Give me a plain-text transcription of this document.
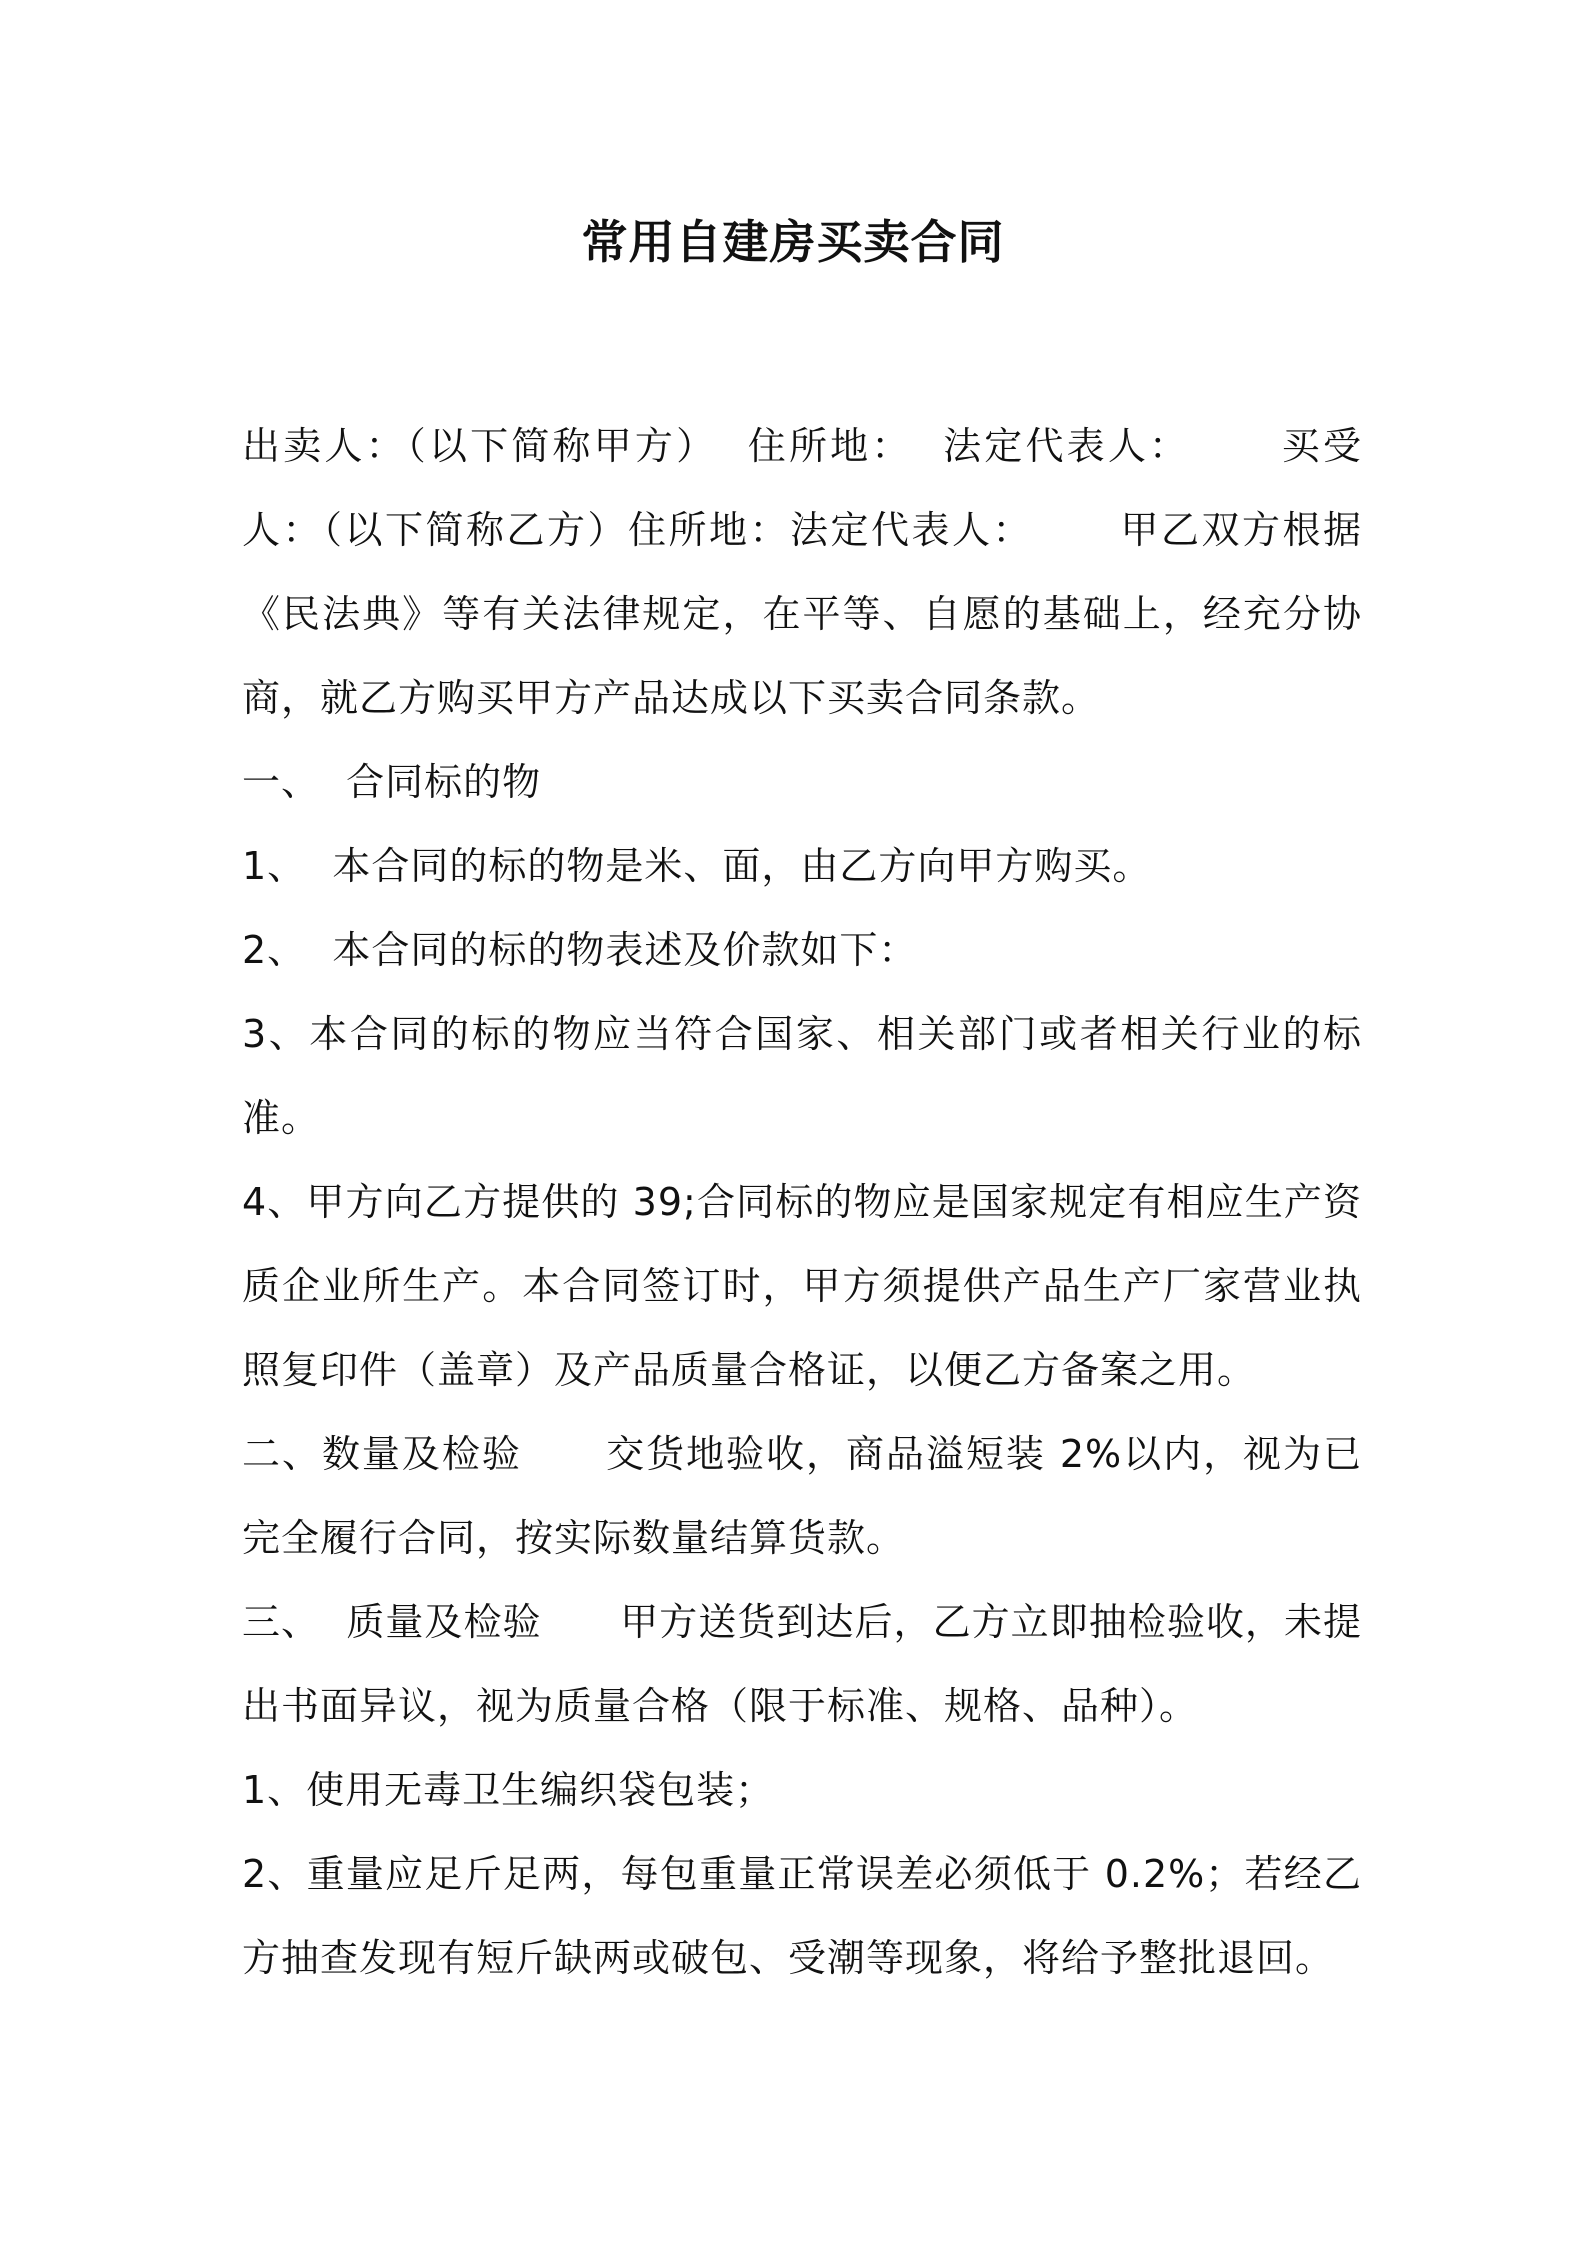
常用自建房买卖合同

出卖人：（以下简称甲方）  住所地：  法定代表人：      买受人：（以下简称乙方）住所地：法定代表人：      甲乙双方根据《民法典》等有关法律规定，在平等、自愿的基础上，经充分协商，就乙方购买甲方产品达成以下买卖合同条款。

一、  合同标的物

1、  本合同的标的物是米、面，由乙方向甲方购买。

2、  本合同的标的物表述及价款如下：

3、本合同的标的物应当符合国家、相关部门或者相关行业的标准。

4、甲方向乙方提供的 39;合同标的物应是国家规定有相应生产资质企业所生产。本合同签订时，甲方须提供产品生产厂家营业执照复印件（盖章）及产品质量合格证，以便乙方备案之用。

二、数量及检验      交货地验收，商品溢短装 2%以内，视为已完全履行合同，按实际数量结算货款。

三、  质量及检验      甲方送货到达后，乙方立即抽检验收，未提出书面异议，视为质量合格（限于标准、规格、品种）。

1、使用无毒卫生编织袋包装；

2、重量应足斤足两，每包重量正常误差必须低于 0.2%；若经乙方抽查发现有短斤缺两或破包、受潮等现象，将给予整批退回。
